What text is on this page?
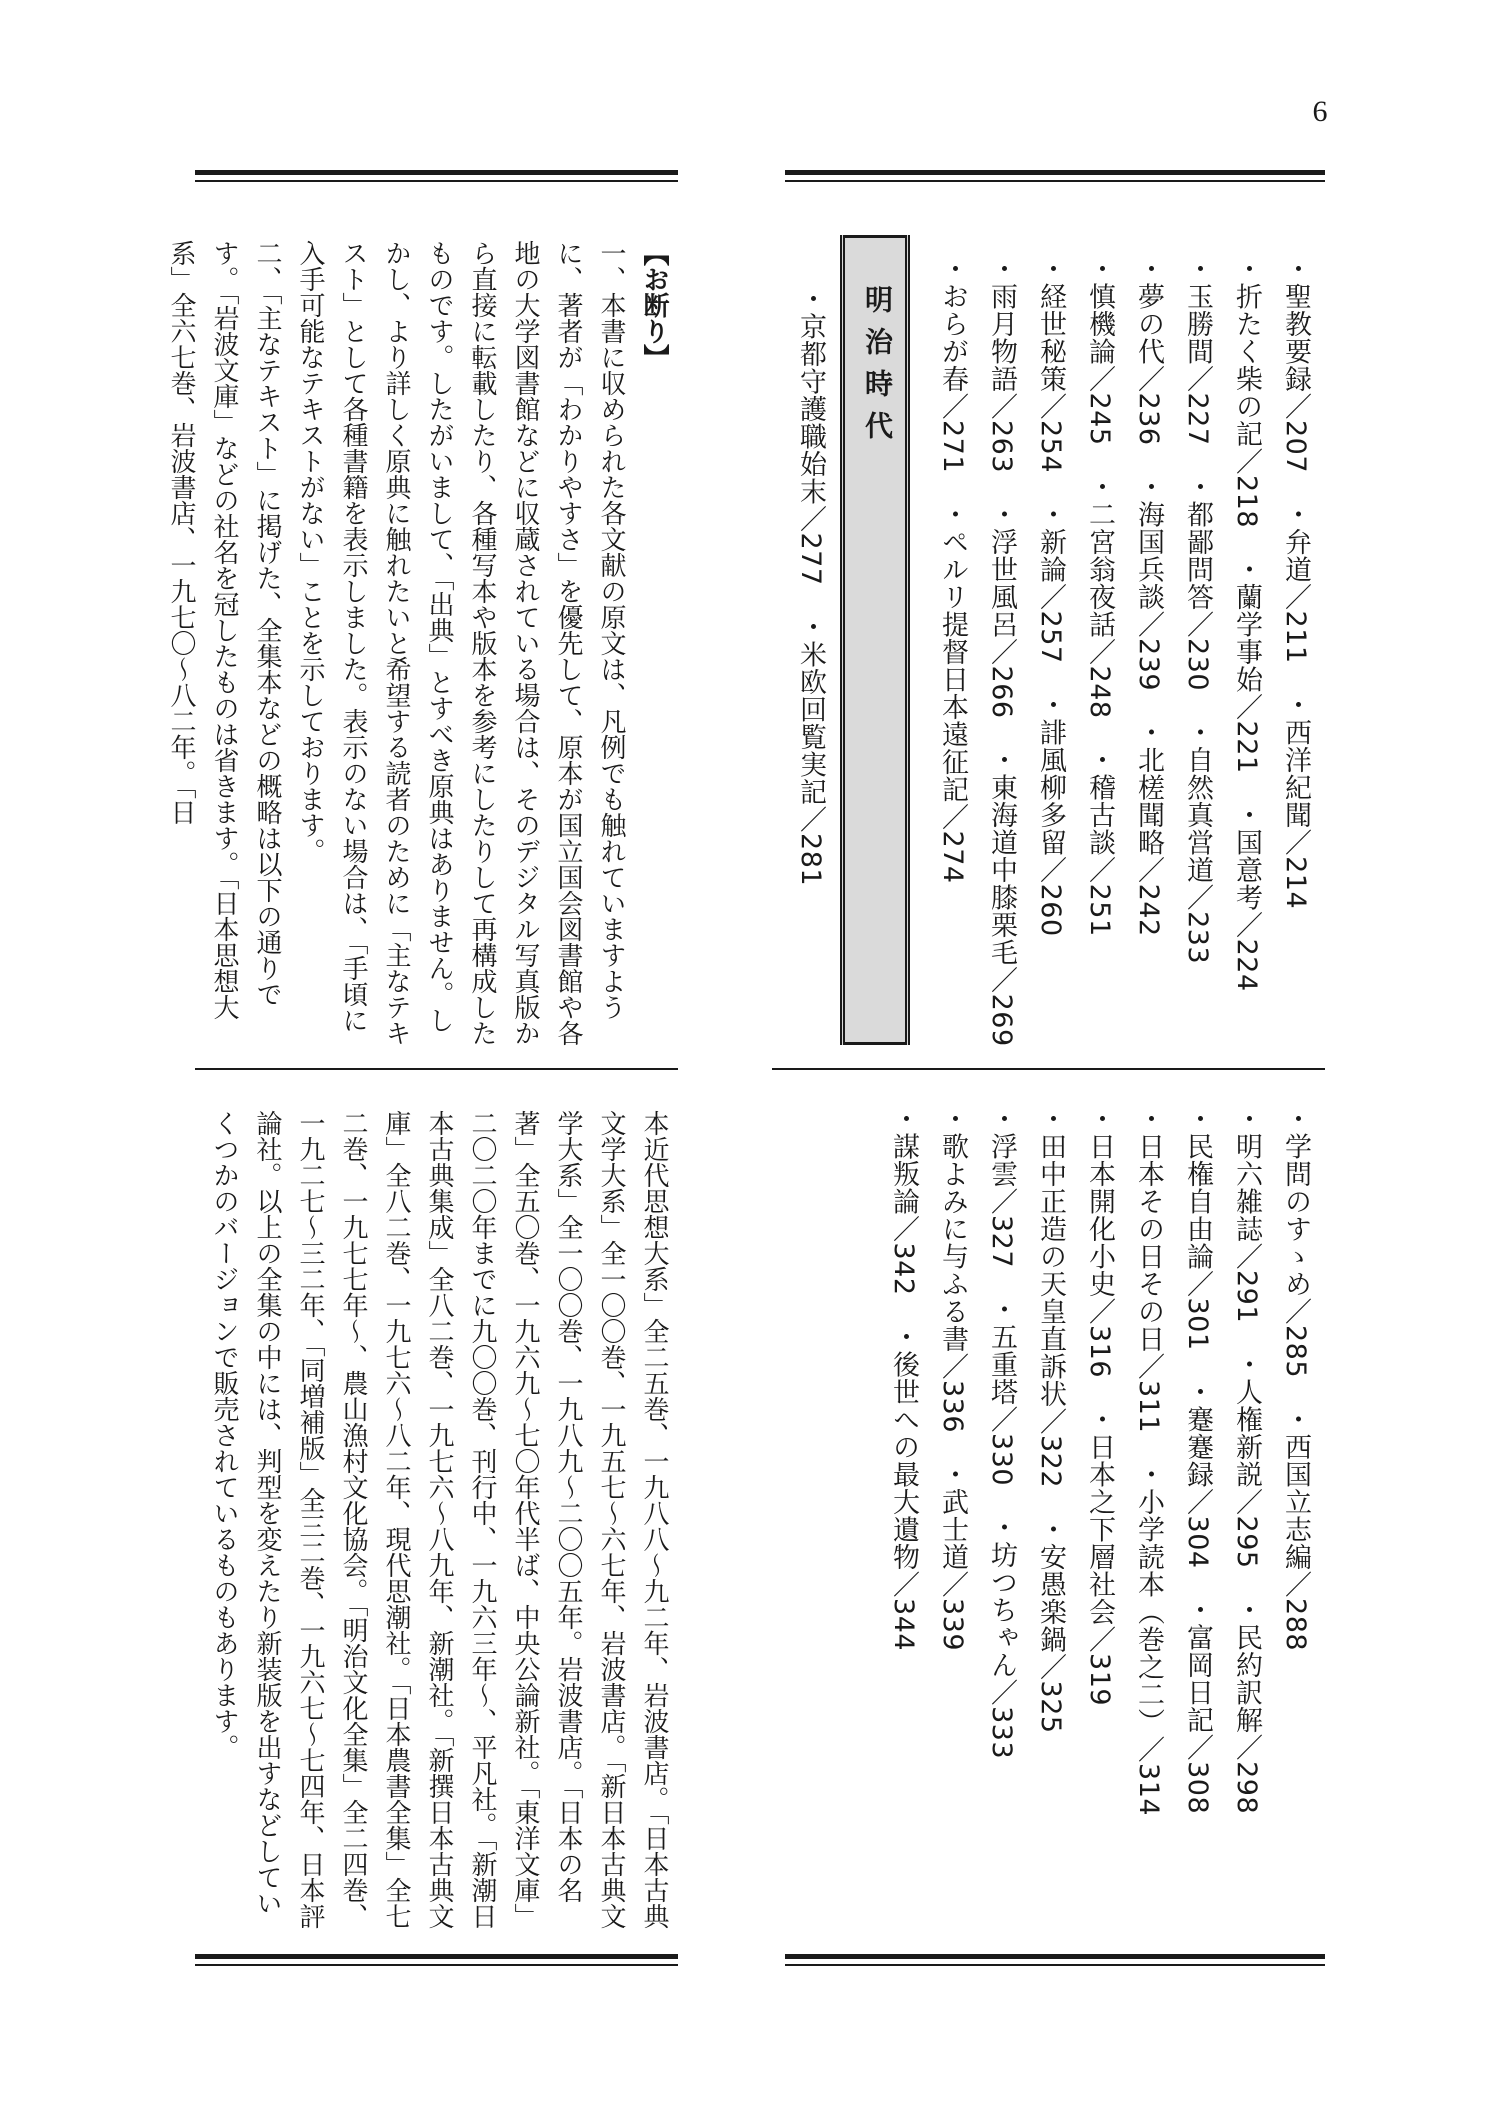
6
・聖教要録／207　・弁道／211　・西洋紀聞／214
・折たく柴の記／218　・蘭学事始／221　・国意考／224
・玉勝間／227　・都鄙問答／230　・自然真営道／233
・夢の代／236　・海国兵談／239　・北槎聞略／242
・慎機論／245　・二宮翁夜話／248　・稽古談／251
・経世秘策／254　・新論／257　・誹風柳多留／260
・雨月物語／263　・浮世風呂／266　・東海道中膝栗毛／269
・おらが春／271　・ペルリ提督日本遠征記／274
明治時代
・京都守護職始末／277　・米欧回覧実記／281
・学問のすゝめ／285　・西国立志編／288
・明六雑誌／291　・人権新説／295　・民約訳解／298
・民権自由論／301　・蹇蹇録／304　・富岡日記／308
・日本その日その日／311　・小学読本（巻之二）／314
・日本開化小史／316　・日本之下層社会／319
・田中正造の天皇直訴状／322　・安愚楽鍋／325
・浮雲／327　・五重塔／330　・坊つちゃん／333
・歌よみに与ふる書／336　・武士道／339
・謀叛論／342　・後世への最大遺物／344
【お断り】
一、本書に収められた各文献の原文は、凡例でも触れていますように、著者が「わかりやすさ」を優先して、原本が国立国会図書館や各地の大学図書館などに収蔵されている場合は、そのデジタル写真版から直接に転載したり、各種写本や版本を参考にしたりして再構成したものです。したがいまして、「出典」とすべき原典はありません。しかし、より詳しく原典に触れたいと希望する読者のために「主なテキスト」として各種書籍を表示しました。表示のない場合は、「手頃に入手可能なテキストがない」ことを示しております。
二、「主なテキスト」に掲げた、全集本などの概略は以下の通りです。「岩波文庫」などの社名を冠したものは省きます。「日本思想大系」全六七巻、岩波書店、一九七〇～八二年。「日
本近代思想大系」全二五巻、一九八八～九二年、岩波書店。「日本古典文学大系」全一〇〇巻、一九五七～六七年、岩波書店。「新日本古典文学大系」全一〇〇巻、一九八九～二〇〇五年。岩波書店。「日本の名著」全五〇巻、一九六九～七〇年代半ば、中央公論新社。「東洋文庫」二〇二〇年までに九〇〇巻、刊行中、一九六三年～、平凡社。「新潮日本古典集成」全八二巻、一九七六～八九年、新潮社。「新撰日本古典文庫」全八二巻、一九七六～八二年、現代思潮社。「日本農書全集」全七二巻、一九七七年～、農山漁村文化協会。「明治文化全集」全二四巻、一九二七～三二年、「同増補版」全三二巻、一九六七～七四年、日本評論社。以上の全集の中には、判型を変えたり新装版を出すなどしていくつかのバージョンで販売されているものもあります。
